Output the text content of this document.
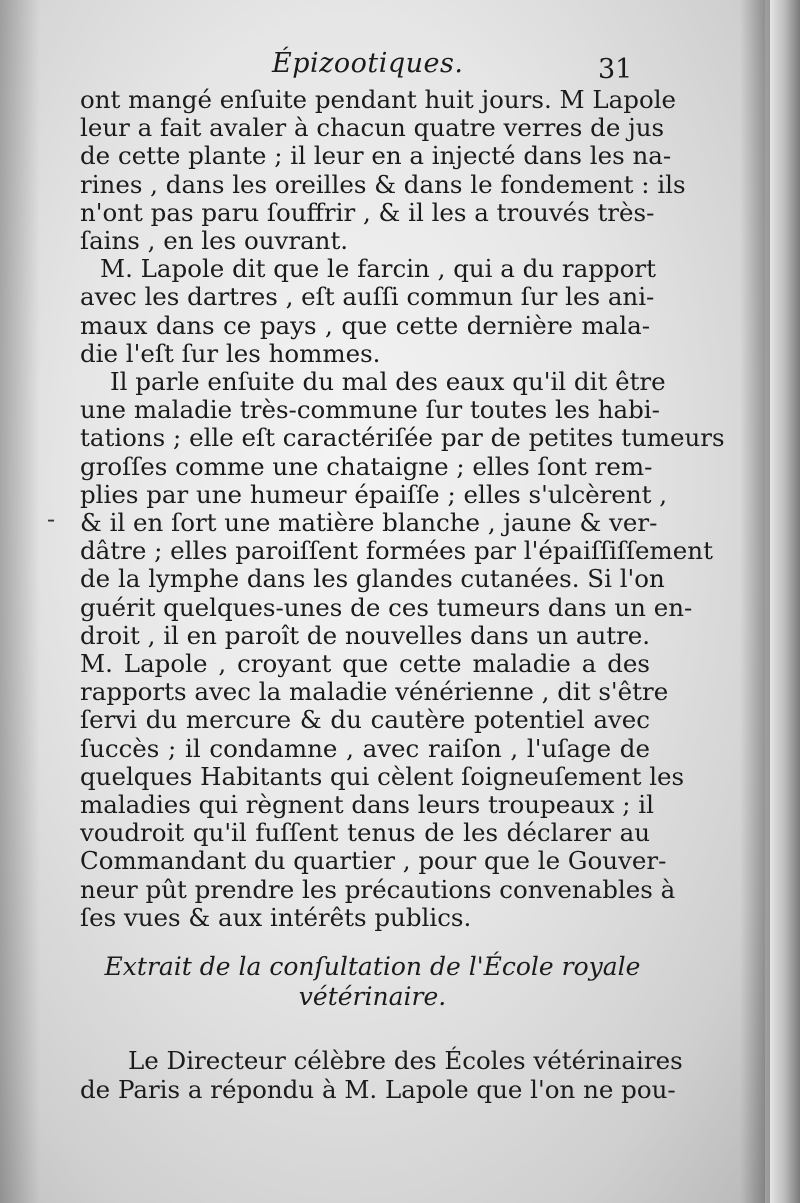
Épizootiques.	31
-
ont mangé enſuite pendant huit jours. M Lapole
leur a fait avaler à chacun quatre verres de jus
de cette plante ; il leur en a injecté dans les na-
rines , dans les oreilles & dans le fondement : ils
n'ont pas paru ſouffrir , & il les a trouvés très-
ſains , en les ouvrant.
M. Lapole dit que le farcin , qui a du rapport
avec les dartres , eſt auſſi commun ſur les ani-
maux dans ce pays , que cette dernière mala-
die l'eſt ſur les hommes.
Il parle enſuite du mal des eaux qu'il dit être
une maladie très-commune ſur toutes les habi-
tations ; elle eſt caractériſée par de petites tumeurs
groſſes comme une chataigne ; elles ſont rem-
plies par une humeur épaiſſe ; elles s'ulcèrent ,
& il en ſort une matière blanche , jaune & ver-
dâtre ; elles paroiſſent formées par l'épaiſſiſſement
de la lymphe dans les glandes cutanées. Si l'on
guérit quelques-unes de ces tumeurs dans un en-
droit , il en paroît de nouvelles dans un autre.
M. Lapole , croyant que cette maladie a des
rapports avec la maladie vénérienne , dit s'être
ſervi du mercure & du cautère potentiel avec
ſuccès ; il condamne , avec raiſon , l'uſage de
quelques Habitants qui cèlent ſoigneuſement les
maladies qui règnent dans leurs troupeaux ; il
voudroit qu'il fuſſent tenus de les déclarer au
Commandant du quartier , pour que le Gouver-
neur pût prendre les précautions convenables à
ſes vues & aux intérêts publics.
Extrait de la conſultation de l'École royale
vétérinaire.
Le Directeur célèbre des Écoles vétérinaires
de Paris a répondu à M. Lapole que l'on ne pou-
